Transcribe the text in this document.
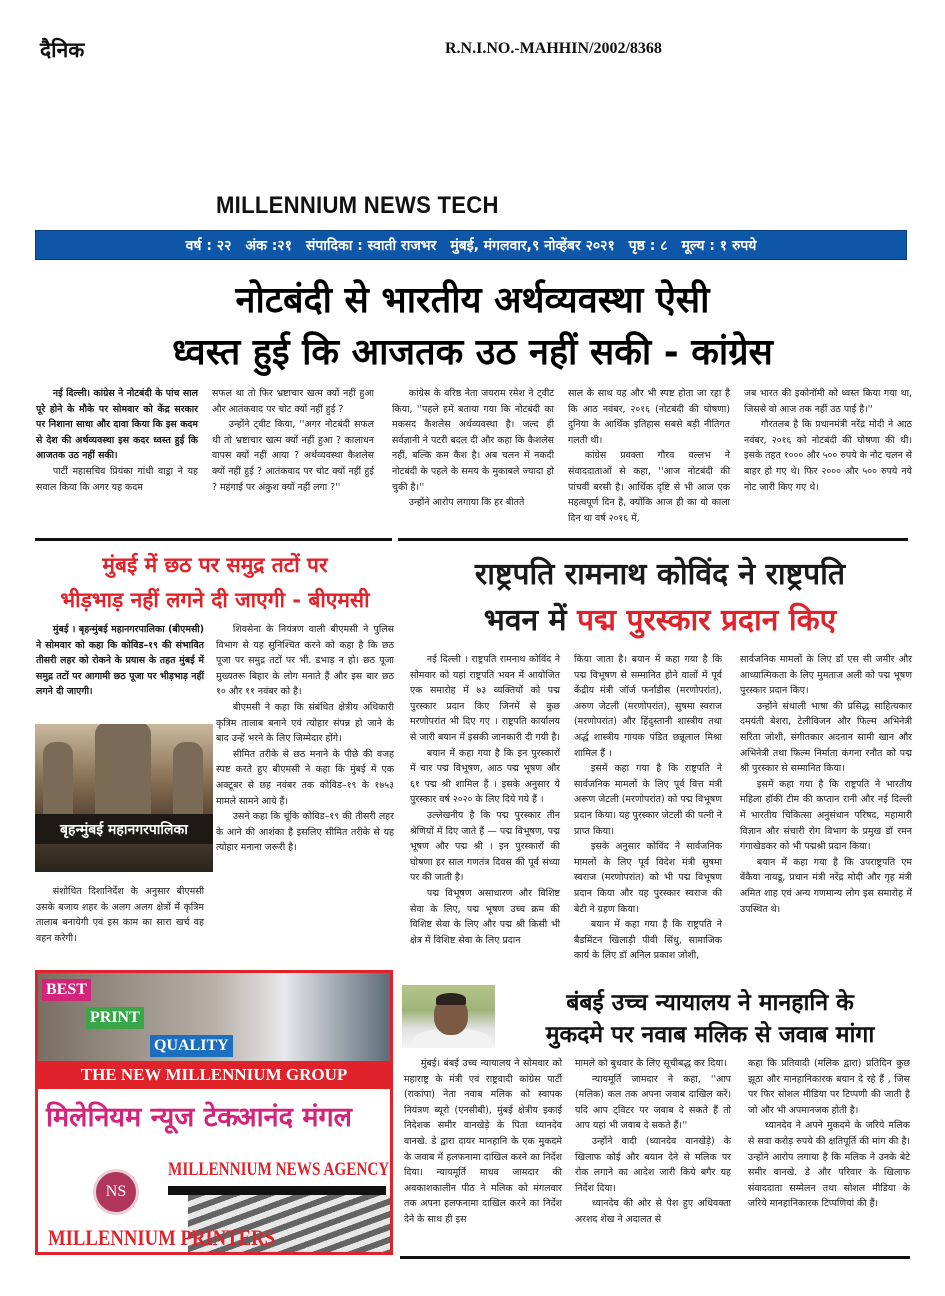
दैनिक	R.N.I.NO.-MAHHIN/2002/8368
MILLENNIUM NEWS TECH
वर्ष : २२ अंक :२१ संपादिका : स्वाती राजभर मुंबई, मंगलवार,९ नोव्हेंबर २०२१ पृष्ठ : ८ मूल्य : १ रुपये
नोटबंदी से भारतीय अर्थव्यवस्था ऐसी
ध्वस्त हुई कि आजतक उठ नहीं सकी - कांग्रेस

नई दिल्ली। कांग्रेस ने नोटबंदी के पांच साल पूरे होने के मौके पर सोमवार को केंद्र सरकार पर निशाना साधा और दावा किया कि इस कदम से देश की अर्थव्यवस्था इस कदर ध्वस्त हुई कि आजतक उठ नहीं सकी।

पार्टी महासचिव प्रियंका गांधी वाड्रा ने यह सवाल किया कि अगर यह कदम

सफल था तो फिर भ्रष्टाचार खत्म क्यों नहीं हुआ और आतंकवाद पर चोट क्यों नहीं हुई ?

उन्होंने ट्वीट किया, ''अगर नोटबंदी सफल थी तो भ्रष्टाचार खत्म क्यों नहीं हुआ ? कालाधन वापस क्यों नहीं आया ? अर्थव्यवस्था कैशलेस क्यों नहीं हुई ? आतंकवाद पर चोट क्यों नहीं हुई ? महंगाई पर अंकुश क्यों नहीं लगा ?''

कांग्रेस के वरिष्ठ नेता जयराम रमेश ने ट्वीट किया, ''पहले हमें बताया गया कि नोटबंदी का मकसद कैशलेस अर्थव्यवस्था है। जल्द ही सर्वज्ञानी ने पटरी बदल दी और कहा कि कैशलेस नहीं, बल्कि कम कैश है। अब चलन में नकदी नोटबंदी के पहले के समय के मुकाबले ज्यादा हो चुकी है।''

उन्होंने आरोप लगाया कि हर बीतते

साल के साथ यह और भी स्पष्ट होता जा रहा है कि आठ नवंबर, २०१६ (नोटबंदी की घोषणा) दुनिया के आर्थिक इतिहास सबसे बड़ी नीतिगत गलती थी।

कांग्रेस प्रवक्ता गौरव वल्लभ ने संवाददाताओं से कहा, ''आज नोटबंदी की पांचवीं बरसी है। आर्थिक दृष्टि से भी आज एक महत्वपूर्ण दिन है, क्योंकि आज ही का वो काला दिन था वर्ष २०१६ में,

जब भारत की इकोनॉमी को ध्वस्त किया गया था, जिससे वो आज तक नहीं उठ पाई है।''

गौरतलब है कि प्रधानमंत्री नरेंद्र मोदी ने आठ नवंबर, २०१६ को नोटबंदी की घोषणा की थी। इसके तहत १००० और ५०० रुपये के नोट चलन से बाहर हो गए थे। फिर २००० और ५०० रुपये नये नोट जारी किए गए थे।

मुंबई में छठ पर समुद्र तटों पर
भीड़भाड़ नहीं लगने दी जाएगी - बीएमसी

मुंबई । बृहन्मुंबई महानगरपालिका (बीएमसी) ने सोमवार को कहा कि कोविड–१९ की संभावित तीसरी लहर को रोकने के प्रयास के तहत मुंबई में समुद्र तटों पर आगामी छठ पूजा पर भीड़भाड़ नहीं लगने दी जाएगी।

बृहन्मुंबई महानगरपालिका

संशोधित दिशानिर्देश के अनुसार बीएमसी उसके बजाय शहर के अलग अलग क्षेत्रों में कृत्रिम तालाब बनायेगी एवं इस काम का सारा खर्च वह वहन करेगी।

शिवसेना के नियंत्रण वाली बीएमसी ने पुलिस विभाग से यह सुनिश्चित करने को कहा है कि छठ पूजा पर समुद्र तटों पर भी. डभाड़ न हो। छठ पूजा मुख्यतरू बिहार के लोग मनाते हैं और इस बार छठ १० और ११ नवंबर को है।

बीएमसी ने कहा कि संबंधित क्षेत्रीय अधिकारी कृत्रिम तालाब बनाने एवं त्योहार संपन्न हो जाने के बाद उन्हें भरने के लिए जिम्मेदार होंगे।

सीमित तरीके से छठ मनाने के पीछे की वजह स्पष्ट करते हुए बीएमसी ने कहा कि मुंबई में एक अक्टूबर से छह नवंबर तक कोविड–१९ के १७५३ मामले सामने आये हैं।

उसने कहा कि चूंकि कोविड–१९ की तीसरी लहर के आने की आशंका है इसलिए सीमित तरीके से यह त्योहार मनाना जरूरी है।

राष्ट्रपति रामनाथ कोविंद ने राष्ट्रपति
भवन में पद्म पुरस्कार प्रदान किए

नई दिल्ली । राष्ट्रपति रामनाथ कोविंद ने सोमवार को यहां राष्ट्रपति भवन में आयोजित एक समारोह में ७३ व्यक्तियों को पद्म पुरस्कार प्रदान किए जिनमें से कुछ मरणोपरांत भी दिए गए । राष्ट्रपति कार्यालय से जारी बयान में इसकी जानकारी दी गयी है।

बयान में कहा गया है कि इन पुरस्कारों में चार पद्म विभूषण, आठ पद्म भूषण और ६१ पद्म श्री शामिल हैं । इसके अनुसार ये पुरस्कार वर्ष २०२० के लिए दिये गये हैं ।

उल्लेखनीय है कि पद्म पुरस्कार तीन श्रेणियों में दिए जाते हैं — पद्म विभूषण, पद्म भूषण और पद्म श्री । इन पुरस्कारों की घोषणा हर साल गणतंत्र दिवस की पूर्व संध्या पर की जाती है।

पद्म विभूषण असाधारण और विशिष्ट सेवा के लिए, पद्म भूषण उच्च क्रम की विशिष्ट सेवा के लिए और पद्म श्री किसी भी क्षेत्र में विशिष्ट सेवा के लिए प्रदान

किया जाता है। बयान में कहा गया है कि पद्म विभूषण से सम्मानित होने वालों में पूर्व केंद्रीय मंत्री जॉर्ज फर्नांडीस (मरणोपरांत), अरुण जेटली (मरणोपरांत), सुषमा स्वराज (मरणोपरांत) और हिंदुस्तानी शास्त्रीय तथा अर्द्ध शास्त्रीय गायक पंडित छन्नूलाल मिश्रा शामिल हैं ।

इसमें कहा गया है कि राष्ट्रपति ने सार्वजनिक मामलों के लिए पूर्व वित्त मंत्री अरूण जेटली (मरणोपरांत) को पद्म विभूषण प्रदान किया। यह पुरस्कार जेटली की पत्नी ने प्राप्त किया।

इसके अनुसार कोविंद ने सार्वजनिक मामलों के लिए पूर्व विदेश मंत्री सुषमा स्वराज (मरणोपरांत) को भी पद्म विभूषण प्रदान किया और यह पुरस्कार स्वराज की बेटी ने ग्रहण किया।

बयान में कहा गया है कि राष्ट्रपति ने बैडमिंटन खिलाड़ी पीवी सिंधु, सामाजिक कार्य के लिए डॉ अनिल प्रकाश जोशी,

सार्वजनिक मामलों के लिए डॉ एस सी जमीर और आध्यात्मिकता के लिए मुमताज अली को पद्म भूषण पुरस्कार प्रदान किए।

उन्होंने संथाली भाषा की प्रसिद्ध साहित्यकार दमयंती बेशरा, टेलीविजन और फिल्म अभिनेत्री सरिता जोशी, संगीतकार अदनान सामी खान और अभिनेत्री तथा फिल्म निर्माता कंगना रनौत को पद्म श्री पुरस्कार से सम्मानित किया।

इसमें कहा गया है कि राष्ट्रपति ने भारतीय महिला हॉकी टीम की कप्तान रानी और नई दिल्ली में भारतीय चिकित्सा अनुसंधान परिषद, महामारी विज्ञान और संचारी रोग विभाग के प्रमुख डॉ रमन गंगाखेडकर को भी पद्मश्री प्रदान किया।

बयान में कहा गया है कि उपराष्ट्रपति एम वेंकैया नायडू, प्रधान मंत्री नरेंद्र मोदी और गृह मंत्री अमित शाह एवं अन्य गणमान्य लोग इस समारोह में उपस्थित थे।

BEST
PRINT
QUALITY
THE NEW MILLENNIUM GROUP
मिलेनियम न्यूज टेक
आनंद मंगल
MILLENNIUM NEWS AGENCY
NS
MILLENNIUM PRINTERS
बंबई उच्च न्यायालय ने मानहानि के
मुकदमे पर नवाब मलिक से जवाब मांगा

मुंबई। बंबई उच्च न्यायालय ने सोमवार को महाराष्ट्र के मंत्री एवं राष्ट्रवादी कांग्रेस पार्टी (राकांपा) नेता नवाब मलिक को स्वापक नियंत्रण ब्यूरो (एनसीबी), मुंबई क्षेत्रीय इकाई निदेशक समीर वानखेड़े के पिता ध्यानदेव वानखे. डे द्वारा दायर मानहानि के एक मुकदमे के जवाब में हलफनामा दाखिल करने का निर्देश दिया। न्यायमूर्ति माधव जामदार की अवकाशकालीन पीठ ने मलिक को मंगलवार तक अपना हलफनामा दाखिल करने का निर्देश देने के साथ ही इस

मामले को बुधवार के लिए सूचीबद्ध कर दिया।

न्यायमूर्ति जामदार ने कहा, ''आप (मलिक) कल तक अपना जवाब दाखिल करें। यदि आप ट्विटर पर जवाब दे सकते हैं तो आप यहां भी जवाब दे सकते हैं।''

उन्होंने वादी (ध्यानदेव वानखेड़े) के खिलाफ कोई और बयान देने से मलिक पर रोक लगाने का आदेश जारी किये बगैर यह निर्देश दिया।

ध्यानदेव की ओर से पेश हुए अधिवक्ता अरशद शेख ने अदालत से

कहा कि प्रतिवादी (मलिक द्वारा) प्रतिदिन कुछ झूठा और मानहानिकारक बयान दे रहे हैं , जिस पर फिर सोशल मीडिया पर टिप्पणी की जाती है जो और भी अपमानजक होती है।

ध्यानदेव ने अपने मुकदमे के जरिये मलिक से सवा करोड़ रुपये की क्षतिपूर्ति की मांग की है। उन्होंने आरोप लगाया है कि मलिक ने उनके बेटे समीर वानखे. डे और परिवार के खिलाफ संवाददाता सम्मेलन तथा सोशल मीडिया के जरिये मानहानिकारक टिप्पणियां की हैं।
